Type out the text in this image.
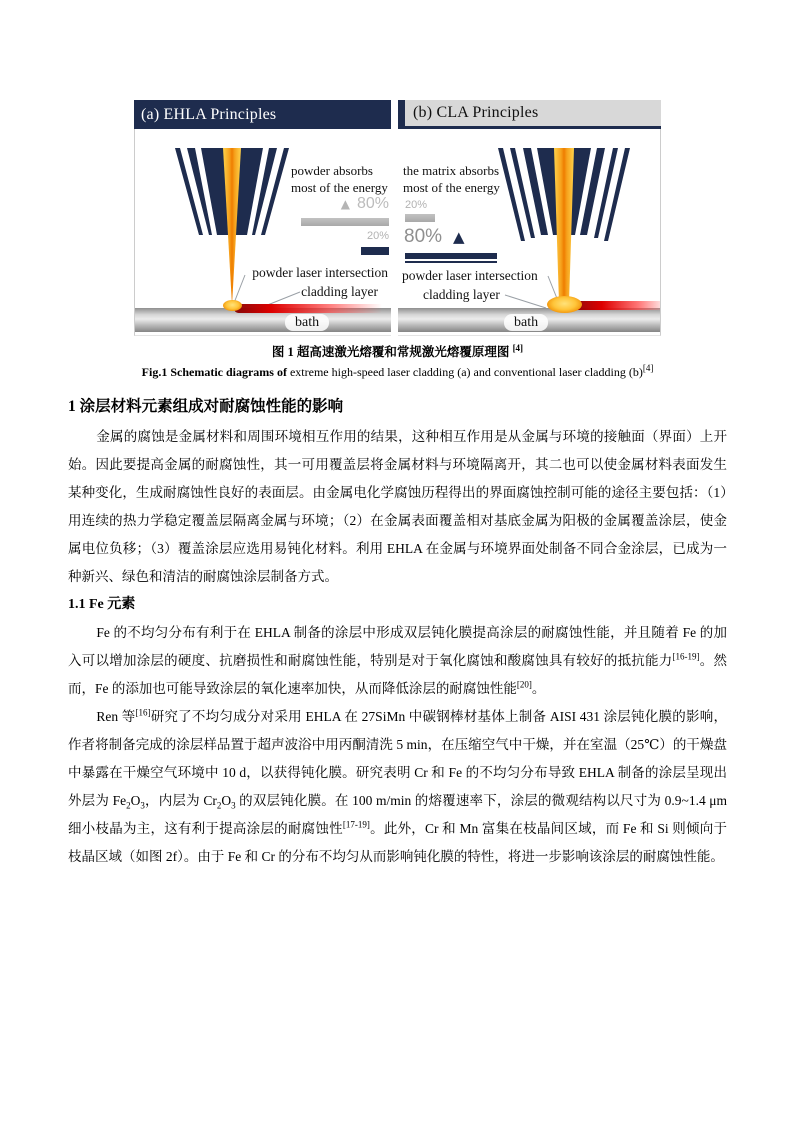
(a) EHLA Principles
powder absorbs
most of the energy
▲ 80%
20%
powder laser intersection
cladding layer
bath
(b) CLA Principles
the matrix absorbs
most of the energy
20%
80% ▲
powder laser intersection
cladding layer
bath
图 1 超高速激光熔覆和常规激光熔覆原理图 [4]
Fig.1 Schematic diagrams of extreme high-speed laser cladding (a) and conventional laser cladding (b)[4]
1 涂层材料元素组成对耐腐蚀性能的影响

金属的腐蚀是金属材料和周围环境相互作用的结果，这种相互作用是从金属与环境的接触面（界面）上开始。因此要提高金属的耐腐蚀性，其一可用覆盖层将金属材料与环境隔离开，其二也可以使金属材料表面发生某种变化，生成耐腐蚀性良好的表面层。由金属电化学腐蚀历程得出的界面腐蚀控制可能的途径主要包括：（1）用连续的热力学稳定覆盖层隔离金属与环境；（2）在金属表面覆盖相对基底金属为阳极的金属覆盖涂层，使金属电位负移；（3）覆盖涂层应选用易钝化材料。利用 EHLA 在金属与环境界面处制备不同合金涂层，已成为一种新兴、绿色和清洁的耐腐蚀涂层制备方式。

1.1 Fe 元素

Fe 的不均匀分布有利于在 EHLA 制备的涂层中形成双层钝化膜提高涂层的耐腐蚀性能，并且随着 Fe 的加入可以增加涂层的硬度、抗磨损性和耐腐蚀性能，特别是对于氧化腐蚀和酸腐蚀具有较好的抵抗能力[16-19]。然而，Fe 的添加也可能导致涂层的氧化速率加快，从而降低涂层的耐腐蚀性能[20]。

Ren 等[16]研究了不均匀成分对采用 EHLA 在 27SiMn 中碳钢棒材基体上制备 AISI 431 涂层钝化膜的影响，作者将制备完成的涂层样品置于超声波浴中用丙酮清洗 5 min，在压缩空气中干燥，并在室温（25℃）的干燥盘中暴露在干燥空气环境中 10 d，以获得钝化膜。研究表明 Cr 和 Fe 的不均匀分布导致 EHLA 制备的涂层呈现出外层为 $Fe_2O_3$，内层为 $Cr_2O_3$ 的双层钝化膜。在 100 m/min 的熔覆速率下，涂层的微观结构以尺寸为 0.9~1.4 μm 细小枝晶为主，这有利于提高涂层的耐腐蚀性[17-19]。此外，Cr 和 Mn 富集在枝晶间区域，而 Fe 和 Si 则倾向于枝晶区域（如图 2f）。由于 Fe 和 Cr 的分布不均匀从而影响钝化膜的特性，将进一步影响该涂层的耐腐蚀性能。
